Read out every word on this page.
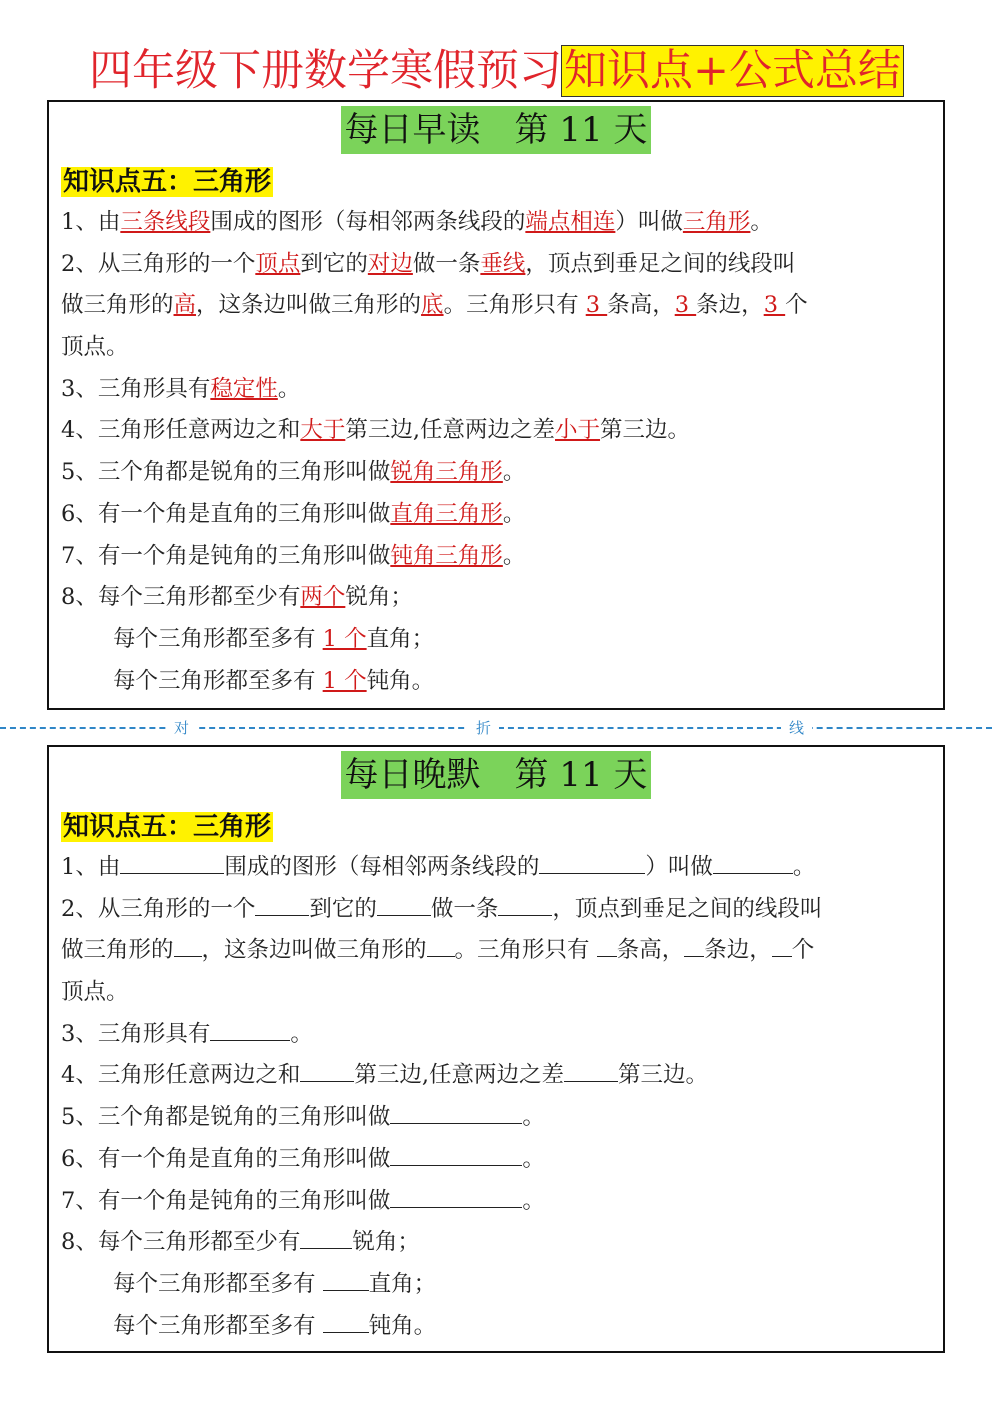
四年级下册数学寒假预习知识点+公式总结
每日早读　第 11 天
知识点五：三角形
1、由三条线段围成的图形（每相邻两条线段的端点相连）叫做三角形。
2、从三角形的一个顶点到它的对边做一条垂线，顶点到垂足之间的线段叫
做三角形的高，这条边叫做三角形的底。三角形只有 3 条高，3 条边，3 个
顶点。
3、三角形具有稳定性。
4、三角形任意两边之和大于第三边,任意两边之差小于第三边。
5、三个角都是锐角的三角形叫做锐角三角形。
6、有一个角是直角的三角形叫做直角三角形。
7、有一个角是钝角的三角形叫做钝角三角形。
8、每个三角形都至少有两个锐角；
每个三角形都至多有 1 个直角；
每个三角形都至多有 1 个钝角。
对	折	线
每日晚默　第 11 天
知识点五：三角形
1、由	围成的图形（每相邻两条线段的	）叫做	。
2、从三角形的一个 到它的 做一条 ，顶点到垂足之间的线段叫
做三角形的 ，这条边叫做三角形的 。三角形只有 条高， 条边， 个
顶点。
3、三角形具有	。
4、三角形任意两边之和 第三边,任意两边之差 第三边。
5、三个角都是锐角的三角形叫做	。
6、有一个角是直角的三角形叫做	。
7、有一个角是钝角的三角形叫做	。
8、每个三角形都至少有 锐角；
每个三角形都至多有 直角；
每个三角形都至多有 钝角。
